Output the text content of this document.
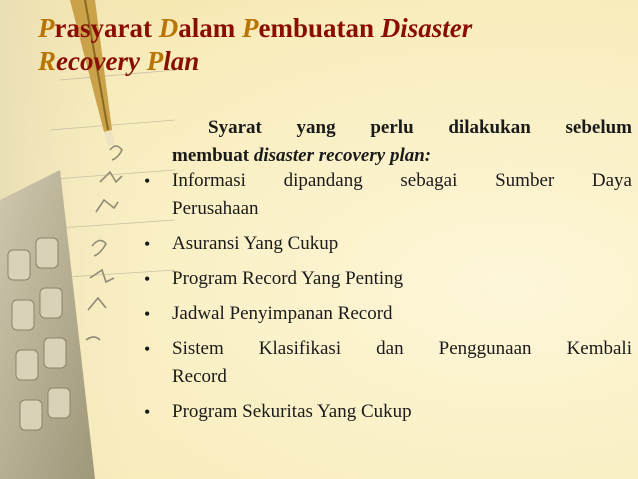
Prasyarat Dalam Pembuatan Disaster
Recovery Plan
Syarat yang perlu dilakukan sebelum
membuat disaster recovery plan:
• Informasi dipandang sebagai Sumber Daya
Perusahaan
• Asuransi Yang Cukup
• Program Record Yang Penting
• Jadwal Penyimpanan Record
• Sistem Klasifikasi dan Penggunaan Kembali
Record
• Program Sekuritas Yang Cukup
